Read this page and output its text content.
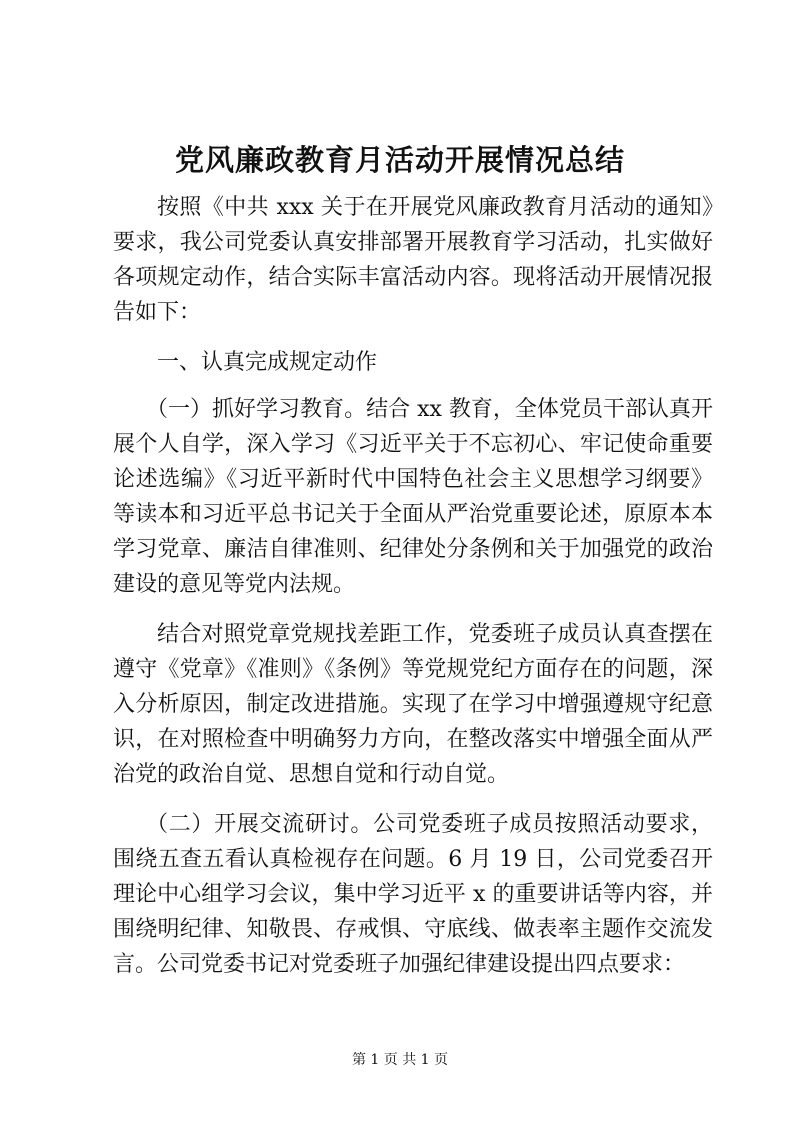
党风廉政教育月活动开展情况总结

按照《中共 xxx 关于在开展党风廉政教育月活动的通知》要求，我公司党委认真安排部署开展教育学习活动，扎实做好各项规定动作，结合实际丰富活动内容。现将活动开展情况报告如下：

一、认真完成规定动作

（一）抓好学习教育。结合 xx 教育，全体党员干部认真开展个人自学，深入学习《习近平关于不忘初心、牢记使命重要论述选编》《习近平新时代中国特色社会主义思想学习纲要》等读本和习近平总书记关于全面从严治党重要论述，原原本本学习党章、廉洁自律准则、纪律处分条例和关于加强党的政治建设的意见等党内法规。

结合对照党章党规找差距工作，党委班子成员认真查摆在遵守《党章》《准则》《条例》等党规党纪方面存在的问题，深入分析原因，制定改进措施。实现了在学习中增强遵规守纪意识，在对照检查中明确努力方向，在整改落实中增强全面从严治党的政治自觉、思想自觉和行动自觉。

（二）开展交流研讨。公司党委班子成员按照活动要求，围绕五查五看认真检视存在问题。6 月 19 日，公司党委召开理论中心组学习会议，集中学习近平 x 的重要讲话等内容，并围绕明纪律、知敬畏、存戒惧、守底线、做表率主题作交流发言。公司党委书记对党委班子加强纪律建设提出四点要求：

第 1 页 共 1 页
